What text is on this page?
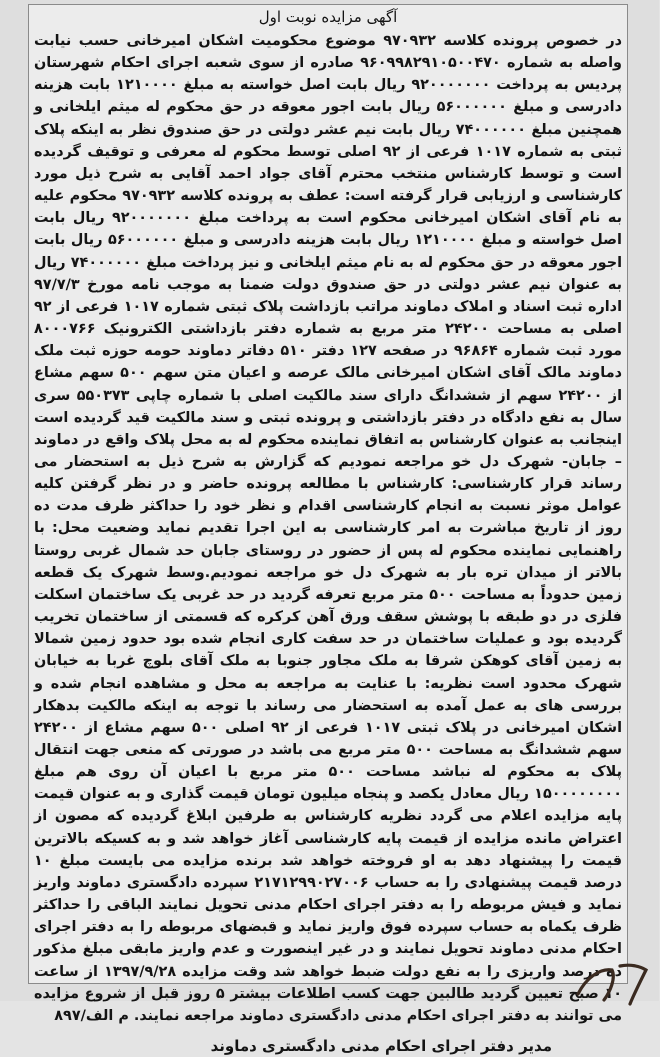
آگهی مزایده نوبت اول

در خصوص پرونده کلاسه ۹۷۰۹۳۲ موضوع محکومیت اشکان امیرخانی حسب نیابت واصله به شماره ۹۶۰۹۹۸۲۹۱۰۵۰۰۴۷۰ صادره از سوی شعبه اجرای احکام شهرستان پردیس به پرداخت ۹۲۰۰۰۰۰۰۰ ریال بابت اصل خواسته به مبلغ ۱۲۱۰۰۰۰ بابت هزینه دادرسی و مبلغ ۵۶۰۰۰۰۰۰ ریال بابت اجور معوقه در حق محکوم له میثم ایلخانی و همچنین مبلغ ۷۴۰۰۰۰۰۰ ریال بابت نیم عشر دولتی در حق صندوق نظر به اینکه پلاک ثبتی به شماره ۱۰۱۷ فرعی از ۹۲ اصلی توسط محکوم له معرفی و توقیف گردیده است و توسط کارشناس منتخب محترم آقای جواد احمد آقایی به شرح ذیل مورد کارشناسی و ارزیابی قرار گرفته است: عطف به پرونده کلاسه ۹۷۰۹۳۲ محکوم علیه به نام آقای اشکان امیرخانی محکوم است به پرداخت مبلغ ۹۲۰۰۰۰۰۰۰ ریال بابت اصل خواسته و مبلغ ۱۲۱۰۰۰۰ ریال بابت هزینه دادرسی و مبلغ ۵۶۰۰۰۰۰۰ ریال بابت اجور معوقه در حق محکوم له به نام میثم ایلخانی و نیز پرداخت مبلغ ۷۴۰۰۰۰۰۰ ریال به عنوان نیم عشر دولتی در حق صندوق دولت ضمنا به موجب نامه مورخ ۹۷/۷/۳ اداره ثبت اسناد و املاک دماوند مراتب بازداشت پلاک ثبتی شماره ۱۰۱۷ فرعی از ۹۲ اصلی به مساحت ۲۴۲۰۰ متر مربع به شماره دفتر بازداشتی الکترونیک ۸۰۰۰۷۶۶ مورد ثبت شماره ۹۶۸۶۴ در صفحه ۱۲۷ دفتر ۵۱۰ دفاتر دماوند حومه حوزه ثبت ملک دماوند مالک آقای اشکان امیرخانی مالک عرصه و اعیان متن سهم ۵۰۰ سهم مشاع از ۲۴۲۰۰ سهم از ششدانگ دارای سند مالکیت اصلی با شماره چاپی ۵۵۰۳۷۳ سری سال به نفع دادگاه در دفتر بازداشتی و پرونده ثبتی و سند مالکیت قید گردیده است اینجانب به عنوان کارشناس به اتفاق نماینده محکوم له به محل پلاک واقع در دماوند – جابان- شهرک دل خو مراجعه نمودیم که گزارش به شرح ذیل به استحضار می رساند قرار کارشناسی: کارشناس با مطالعه پرونده حاضر و در نظر گرفتن کلیه عوامل موثر نسبت به انجام کارشناسی اقدام و نظر خود را حداکثر ظرف مدت ده روز از تاریخ مباشرت به امر کارشناسی به این اجرا تقدیم نماید وضعیت محل: با راهنمایی نماینده محکوم له پس از حضور در روستای جابان حد شمال غربی روستا بالاتر از میدان تره بار به شهرک دل خو مراجعه نمودیم.وسط شهرک یک قطعه زمین حدوداً به مساحت ۵۰۰ متر مربع تعرفه گردید در حد غربی یک ساختمان اسکلت فلزی در دو طبقه با پوشش سقف ورق آهن کرکره که قسمتی از ساختمان تخریب گردیده بود و عملیات ساختمان در حد سفت کاری انجام شده بود حدود زمین شمالا به زمین آقای کوهکن شرقا به ملک مجاور جنوبا به ملک آقای بلوچ غربا به خیابان شهرک محدود است نظریه: با عنایت به مراجعه به محل و مشاهده انجام شده و بررسی های به عمل آمده به استحضار می رساند با توجه به اینکه مالکیت بدهکار اشکان امیرخانی در پلاک ثبتی ۱۰۱۷ فرعی از ۹۲ اصلی ۵۰۰ سهم مشاع از ۲۴۲۰۰ سهم ششدانگ به مساحت ۵۰۰ متر مربع می باشد در صورتی که منعی جهت انتقال پلاک به محکوم له نباشد مساحت ۵۰۰ متر مربع با اعیان آن روی هم مبلغ ۱۵۰۰۰۰۰۰۰۰ ریال معادل یکصد و پنجاه میلیون تومان قیمت گذاری و به عنوان قیمت پایه مزایده اعلام می گردد نظریه کارشناس به طرفین ابلاغ گردیده که مصون از اعتراض مانده مزایده از قیمت پایه کارشناسی آغاز خواهد شد و به کسیکه بالاترین قیمت را پیشنهاد دهد به او فروخته خواهد شد برنده مزایده می بایست مبلغ ۱۰ درصد قیمت پیشنهادی را به حساب ۲۱۷۱۲۹۹۰۲۷۰۰۶ سپرده دادگستری دماوند واریز نماید و فیش مربوطه را به دفتر اجرای احکام مدنی تحویل نمایند الباقی را حداکثر ظرف یکماه به حساب سپرده فوق واریز نماید و قبضهای مربوطه را به دفتر اجرای احکام مدنی دماوند تحویل نمایند و در غیر اینصورت و عدم واریز مابقی مبلغ مذکور ده درصد واریزی را به نفع دولت ضبط خواهد شد وقت مزایده ۱۳۹۷/۹/۲۸ از ساعت ۱۰ صبح تعیین گردید طالبین جهت کسب اطلاعات بیشتر ۵ روز قبل از شروع مزایده می توانند به دفتر اجرای احکام مدنی دادگستری دماوند مراجعه نمایند. م الف/۸۹۷

مدیر دفتر اجرای احکام مدنی دادگستری دماوند
